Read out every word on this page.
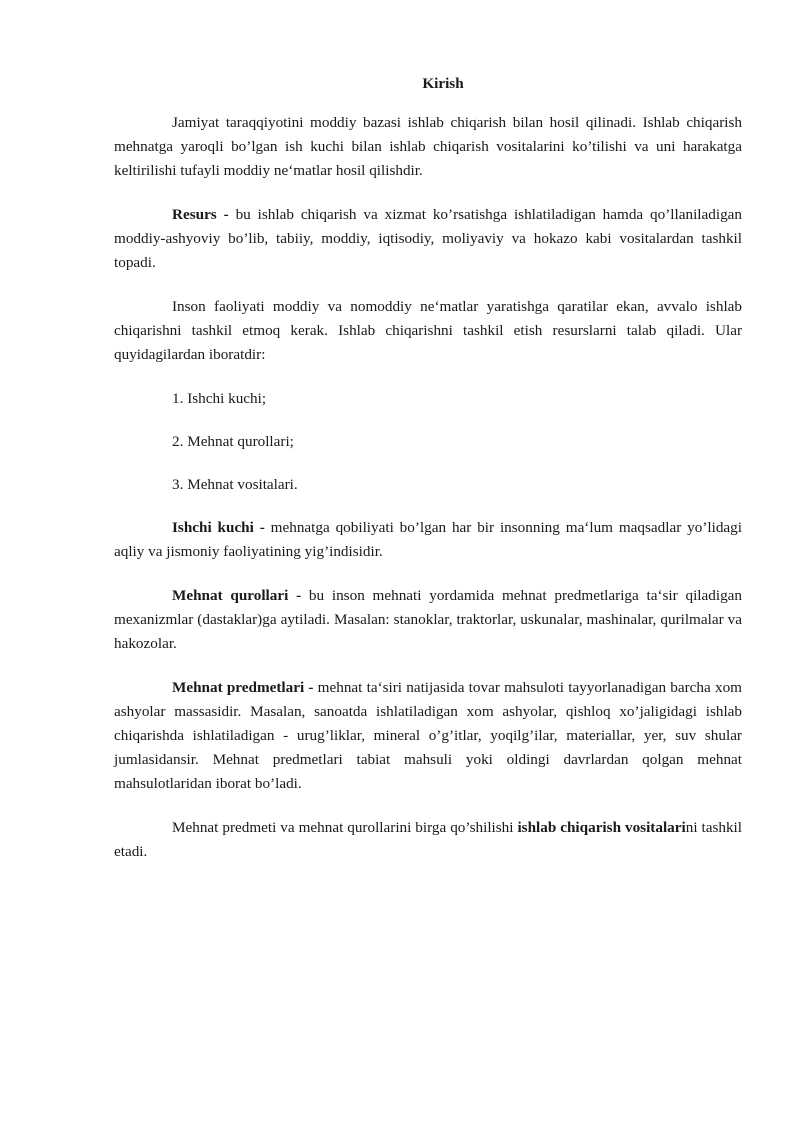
Kirish

Jamiyat taraqqiyotini moddiy bazasi ishlab chiqarish bilan hosil qilinadi. Ishlab chiqarish mehnatga yaroqli bo’lgan ish kuchi bilan ishlab chiqarish vositalarini ko’tilishi va uni harakatga keltirilishi tufayli moddiy ne‘matlar hosil qilishdir.

Resurs - bu ishlab chiqarish va xizmat ko’rsatishga ishlatiladigan hamda qo’llaniladigan moddiy-ashyoviy bo’lib, tabiiy, moddiy, iqtisodiy, moliyaviy va hokazo kabi vositalardan tashkil topadi.

Inson faoliyati moddiy va nomoddiy ne‘matlar yaratishga qaratilar ekan, avvalo ishlab chiqarishni tashkil etmoq kerak. Ishlab chiqarishni tashkil etish resurslarni talab qiladi. Ular quyidagilardan iboratdir:

1. Ishchi kuchi;

2. Mehnat qurollari;

3. Mehnat vositalari.

Ishchi kuchi - mehnatga qobiliyati bo’lgan har bir insonning ma‘lum maqsadlar yo’lidagi aqliy va jismoniy faoliyatining yig’indisidir.

Mehnat qurollari - bu inson mehnati yordamida mehnat predmetlariga ta‘sir qiladigan mexanizmlar (dastaklar)ga aytiladi. Masalan: stanoklar, traktorlar, uskunalar, mashinalar, qurilmalar va hakozolar.

Mehnat predmetlari - mehnat ta‘siri natijasida tovar mahsuloti tayyorlanadigan barcha xom ashyolar massasidir. Masalan, sanoatda ishlatiladigan xom ashyolar, qishloq xo’jaligidagi ishlab chiqarishda ishlatiladigan - urug’liklar, mineral o’g’itlar, yoqilg’ilar, materiallar, yer, suv shular jumlasidansir. Mehnat predmetlari tabiat mahsuli yoki oldingi davrlardan qolgan mehnat mahsulotlaridan iborat bo’ladi.

Mehnat predmeti va mehnat qurollarini birga qo’shilishi ishlab chiqarish vositalarini tashkil etadi.
